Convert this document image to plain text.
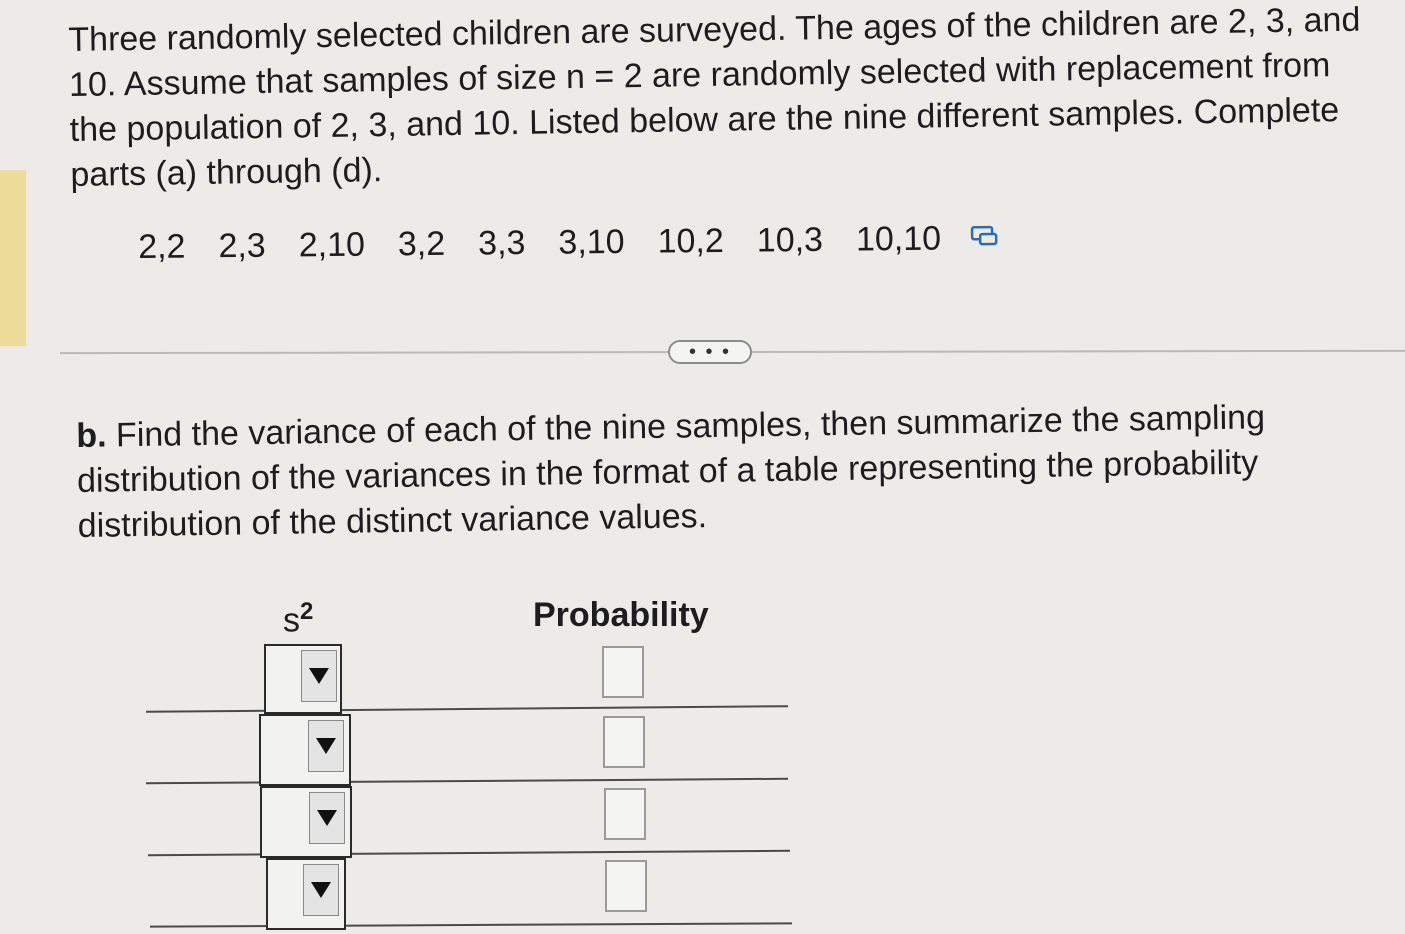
Three randomly selected children are surveyed. The ages of the children are 2, 3, and 10. Assume that samples of size n = 2 are randomly selected with replacement from the population of 2, 3, and 10. Listed below are the nine different samples. Complete parts (a) through (d).
2,2 2,3 2,10 3,2 3,3 3,10 10,2 10,3 10,10
• • •
b. Find the variance of each of the nine samples, then summarize the sampling distribution of the variances in the format of a table representing the probability distribution of the distinct variance values.
$s^2$	Probability
